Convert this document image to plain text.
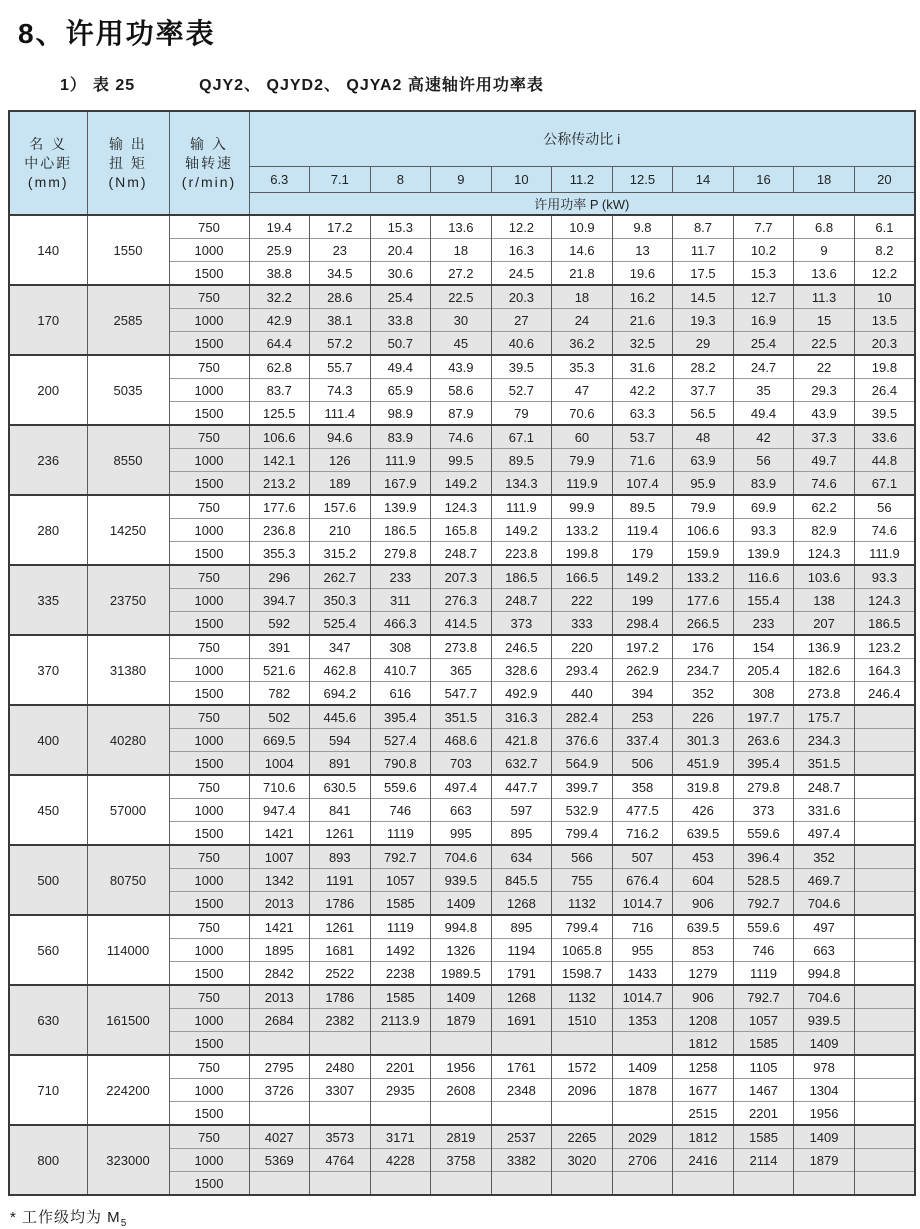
8、许用功率表
1） 表 25	QJY2、 QJYD2、 QJYA2 高速轴许用功率表
名 义
中心距
(mm)

输 出
扭 矩
(Nm)

输 入
轴转速
(r/min)
	公称传动比 i
			6.3	7.1	8	9	10	11.2	12.5	14	16	18	20
			许用功率 P (kW)										
140	1550	750	19.4	17.2	15.3	13.6	12.2	10.9	9.8	8.7	7.7	6.8	6.1
		1000	25.9	23	20.4	18	16.3	14.6	13	11.7	10.2	9	8.2
		1500	38.8	34.5	30.6	27.2	24.5	21.8	19.6	17.5	15.3	13.6	12.2
170	2585	750	32.2	28.6	25.4	22.5	20.3	18	16.2	14.5	12.7	11.3	10
		1000	42.9	38.1	33.8	30	27	24	21.6	19.3	16.9	15	13.5
		1500	64.4	57.2	50.7	45	40.6	36.2	32.5	29	25.4	22.5	20.3
200	5035	750	62.8	55.7	49.4	43.9	39.5	35.3	31.6	28.2	24.7	22	19.8
		1000	83.7	74.3	65.9	58.6	52.7	47	42.2	37.7	35	29.3	26.4
		1500	125.5	111.4	98.9	87.9	79	70.6	63.3	56.5	49.4	43.9	39.5
236	8550	750	106.6	94.6	83.9	74.6	67.1	60	53.7	48	42	37.3	33.6
		1000	142.1	126	111.9	99.5	89.5	79.9	71.6	63.9	56	49.7	44.8
		1500	213.2	189	167.9	149.2	134.3	119.9	107.4	95.9	83.9	74.6	67.1
280	14250	750	177.6	157.6	139.9	124.3	111.9	99.9	89.5	79.9	69.9	62.2	56
		1000	236.8	210	186.5	165.8	149.2	133.2	119.4	106.6	93.3	82.9	74.6
		1500	355.3	315.2	279.8	248.7	223.8	199.8	179	159.9	139.9	124.3	111.9
335	23750	750	296	262.7	233	207.3	186.5	166.5	149.2	133.2	116.6	103.6	93.3
		1000	394.7	350.3	311	276.3	248.7	222	199	177.6	155.4	138	124.3
		1500	592	525.4	466.3	414.5	373	333	298.4	266.5	233	207	186.5
370	31380	750	391	347	308	273.8	246.5	220	197.2	176	154	136.9	123.2
		1000	521.6	462.8	410.7	365	328.6	293.4	262.9	234.7	205.4	182.6	164.3
		1500	782	694.2	616	547.7	492.9	440	394	352	308	273.8	246.4
400	40280	750	502	445.6	395.4	351.5	316.3	282.4	253	226	197.7	175.7	
		1000	669.5	594	527.4	468.6	421.8	376.6	337.4	301.3	263.6	234.3	
		1500	1004	891	790.8	703	632.7	564.9	506	451.9	395.4	351.5	
450	57000	750	710.6	630.5	559.6	497.4	447.7	399.7	358	319.8	279.8	248.7	
		1000	947.4	841	746	663	597	532.9	477.5	426	373	331.6	
		1500	1421	1261	1119	995	895	799.4	716.2	639.5	559.6	497.4	
500	80750	750	1007	893	792.7	704.6	634	566	507	453	396.4	352	
		1000	1342	1191	1057	939.5	845.5	755	676.4	604	528.5	469.7	
		1500	2013	1786	1585	1409	1268	1132	1014.7	906	792.7	704.6	
560	114000	750	1421	1261	1119	994.8	895	799.4	716	639.5	559.6	497	
		1000	1895	1681	1492	1326	1194	1065.8	955	853	746	663	
		1500	2842	2522	2238	1989.5	1791	1598.7	1433	1279	1119	994.8	
630	161500	750	2013	1786	1585	1409	1268	1132	1014.7	906	792.7	704.6	
		1000	2684	2382	2113.9	1879	1691	1510	1353	1208	1057	939.5	
		1500								1812	1585	1409	
710	224200	750	2795	2480	2201	1956	1761	1572	1409	1258	1105	978	
		1000	3726	3307	2935	2608	2348	2096	1878	1677	1467	1304	
		1500								2515	2201	1956	
800	323000	750	4027	3573	3171	2819	2537	2265	2029	1812	1585	1409	
		1000	5369	4764	4228	3758	3382	3020	2706	2416	2114	1879	
		1500											
* 工作级均为 $M_5$
